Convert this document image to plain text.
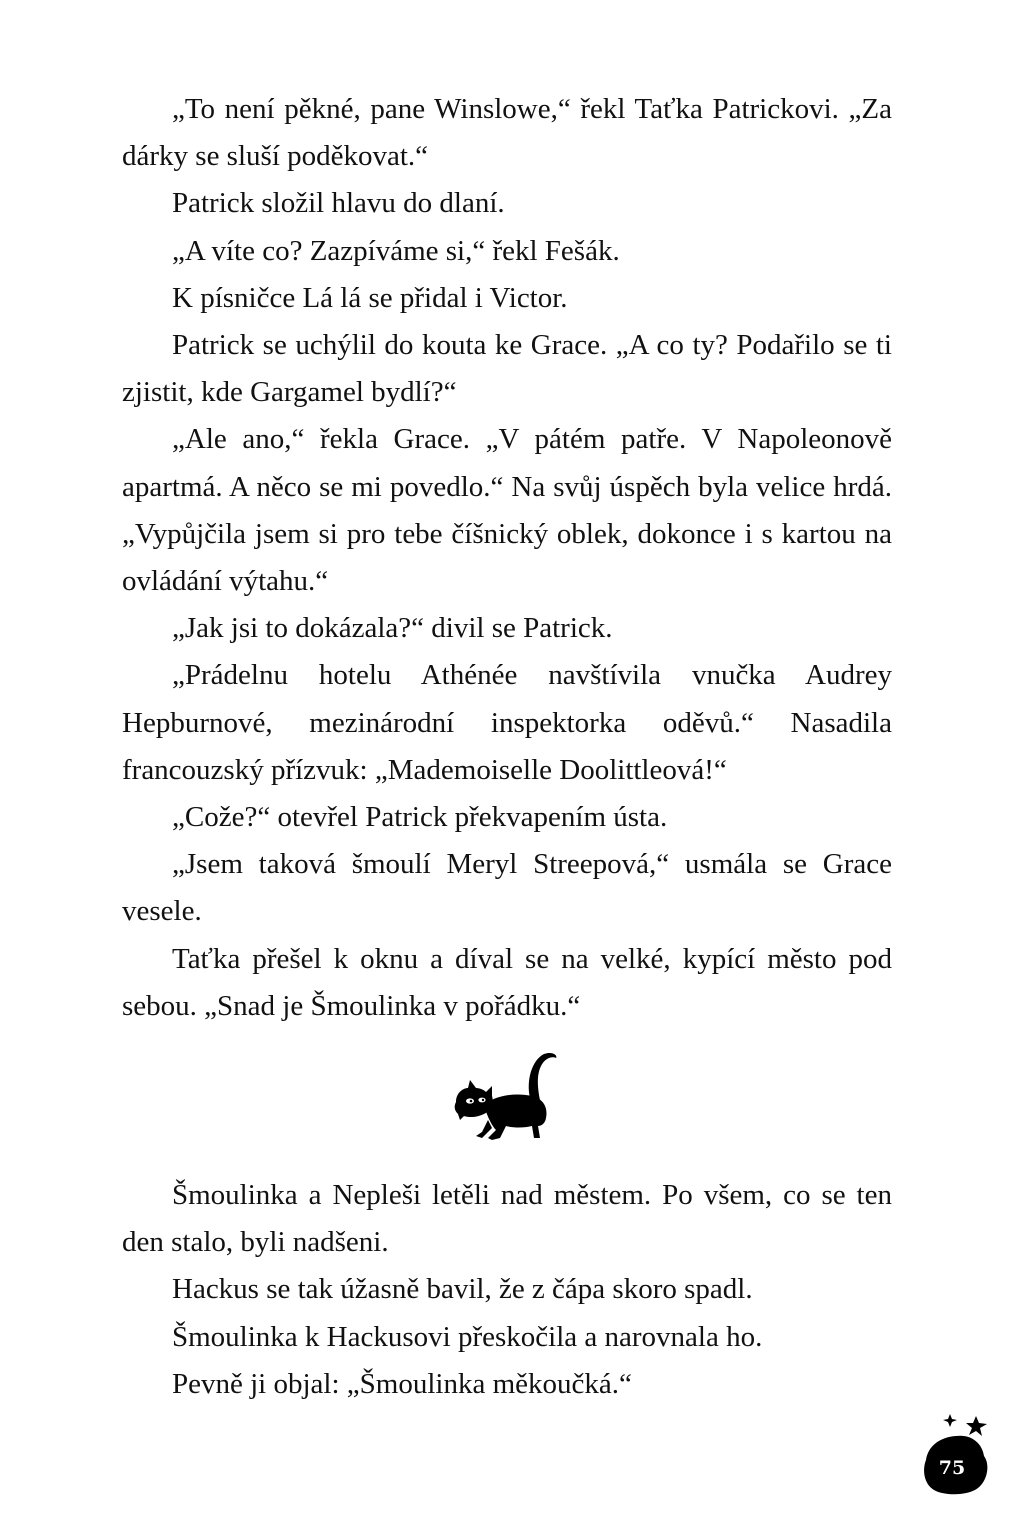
„To není pěkné, pane Winslowe,“ řekl Taťka Patrickovi. „Za dárky se sluší poděkovat.“

Patrick složil hlavu do dlaní.

„A víte co? Zazpíváme si,“ řekl Fešák.

K písničce Lá lá se přidal i Victor.

Patrick se uchýlil do kouta ke Grace. „A co ty? Podařilo se ti zjistit, kde Gargamel bydlí?“

„Ale ano,“ řekla Grace. „V pátém patře. V Napoleonově apartmá. A něco se mi povedlo.“ Na svůj úspěch byla velice hrdá. „Vypůjčila jsem si pro tebe číšnický oblek, dokonce i s kartou na ovládání výtahu.“

„Jak jsi to dokázala?“ divil se Patrick.

„Prádelnu hotelu Athénée navštívila vnučka Audrey Hepburnové, mezinárodní inspektorka oděvů.“ Nasadila francouzský přízvuk: „Mademoiselle Doolittleová!“

„Cože?“ otevřel Patrick překvapením ústa.

„Jsem taková šmoulí Meryl Streepová,“ usmála se Grace vesele.

Taťka přešel k oknu a díval se na velké, kypící město pod sebou. „Snad je Šmoulinka v pořádku.“

Šmoulinka a Nepleši letěli nad městem. Po všem, co se ten den stalo, byli nadšeni.

Hackus se tak úžasně bavil, že z čápa skoro spadl.

Šmoulinka k Hackusovi přeskočila a narovnala ho.

Pevně ji objal: „Šmoulinka měkoučká.“

75
